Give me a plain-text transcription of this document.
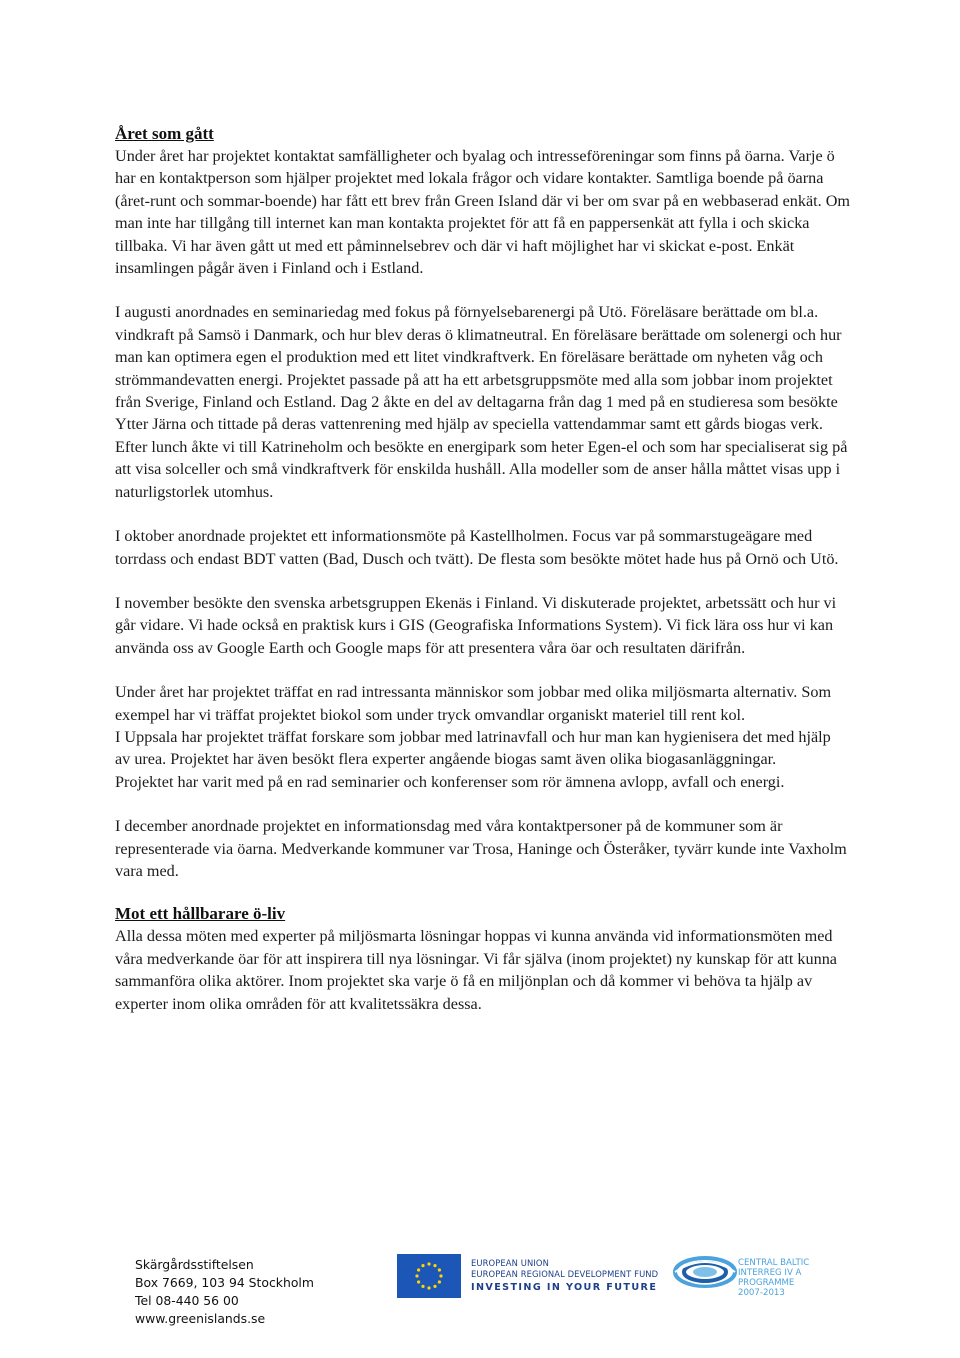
Året som gått

Under året har projektet kontaktat samfälligheter och byalag och intresseföreningar som finns på öarna. Varje ö har en kontaktperson som hjälper projektet med lokala frågor och vidare kontakter. Samtliga boende på öarna (året-runt och sommar-boende) har fått ett brev från Green Island där vi ber om svar på en webbaserad enkät. Om man inte har tillgång till internet kan man kontakta projektet för att få en pappersenkät att fylla i och skicka tillbaka. Vi har även gått ut med ett påminnelsebrev och där vi haft möjlighet har vi skickat e-post. Enkät insamlingen pågår även i Finland och i Estland.

I augusti anordnades en seminariedag med fokus på förnyelsebarenergi på Utö. Föreläsare berättade om bl.a. vindkraft på Samsö i Danmark, och hur blev deras ö klimatneutral. En föreläsare berättade om solenergi och hur man kan optimera egen el produktion med ett litet vindkraftverk. En föreläsare berättade om nyheten våg och strömmandevatten energi. Projektet passade på att ha ett arbetsgruppsmöte med alla som jobbar inom projektet från Sverige, Finland och Estland. Dag 2 åkte en del av deltagarna från dag 1 med på en studieresa som besökte Ytter Järna och tittade på deras vattenrening med hjälp av speciella vattendammar samt ett gårds biogas verk. Efter lunch åkte vi till Katrineholm och besökte en energipark som heter Egen-el och som har specialiserat sig på att visa solceller och små vindkraftverk för enskilda hushåll. Alla modeller som de anser hålla måttet visas upp i naturligstorlek utomhus.

I oktober anordnade projektet ett informationsmöte på Kastellholmen. Focus var på sommarstugeägare med torrdass och endast BDT vatten (Bad, Dusch och tvätt). De flesta som besökte mötet hade hus på Ornö och Utö.

I november besökte den svenska arbetsgruppen Ekenäs i Finland. Vi diskuterade projektet, arbetssätt och hur vi går vidare. Vi hade också en praktisk kurs i GIS (Geografiska Informations System). Vi fick lära oss hur vi kan använda oss av Google Earth och Google maps för att presentera våra öar och resultaten därifrån.

Under året har projektet träffat en rad intressanta människor som jobbar med olika miljösmarta alternativ. Som exempel har vi träffat projektet biokol som under tryck omvandlar organiskt materiel till rent kol.
I Uppsala har projektet träffat forskare som jobbar med latrinavfall och hur man kan hygienisera det med hjälp av urea. Projektet har även besökt flera experter angående biogas samt även olika biogasanläggningar.
Projektet har varit med på en rad seminarier och konferenser som rör ämnena avlopp, avfall och energi.

I december anordnade projektet en informationsdag med våra kontaktpersoner på de kommuner som är representerade via öarna. Medverkande kommuner var Trosa, Haninge och Österåker, tyvärr kunde inte Vaxholm vara med.

Mot ett hållbarare ö-liv

Alla dessa möten med experter på miljösmarta lösningar hoppas vi kunna använda vid informationsmöten med våra medverkande öar för att inspirera till nya lösningar. Vi får själva (inom projektet) ny kunskap för att kunna sammanföra olika aktörer. Inom projektet ska varje ö få en miljönplan och då kommer vi behöva ta hjälp av experter inom olika områden för att kvalitetssäkra dessa.

Skärgårdsstiftelsen
Box 7669, 103 94 Stockholm
Tel 08-440 56 00
www.greenislands.se
EUROPEAN UNION
EUROPEAN REGIONAL DEVELOPMENT FUND
INVESTING IN YOUR FUTURE
CENTRAL BALTIC
INTERREG IV A
PROGRAMME
2007-2013
